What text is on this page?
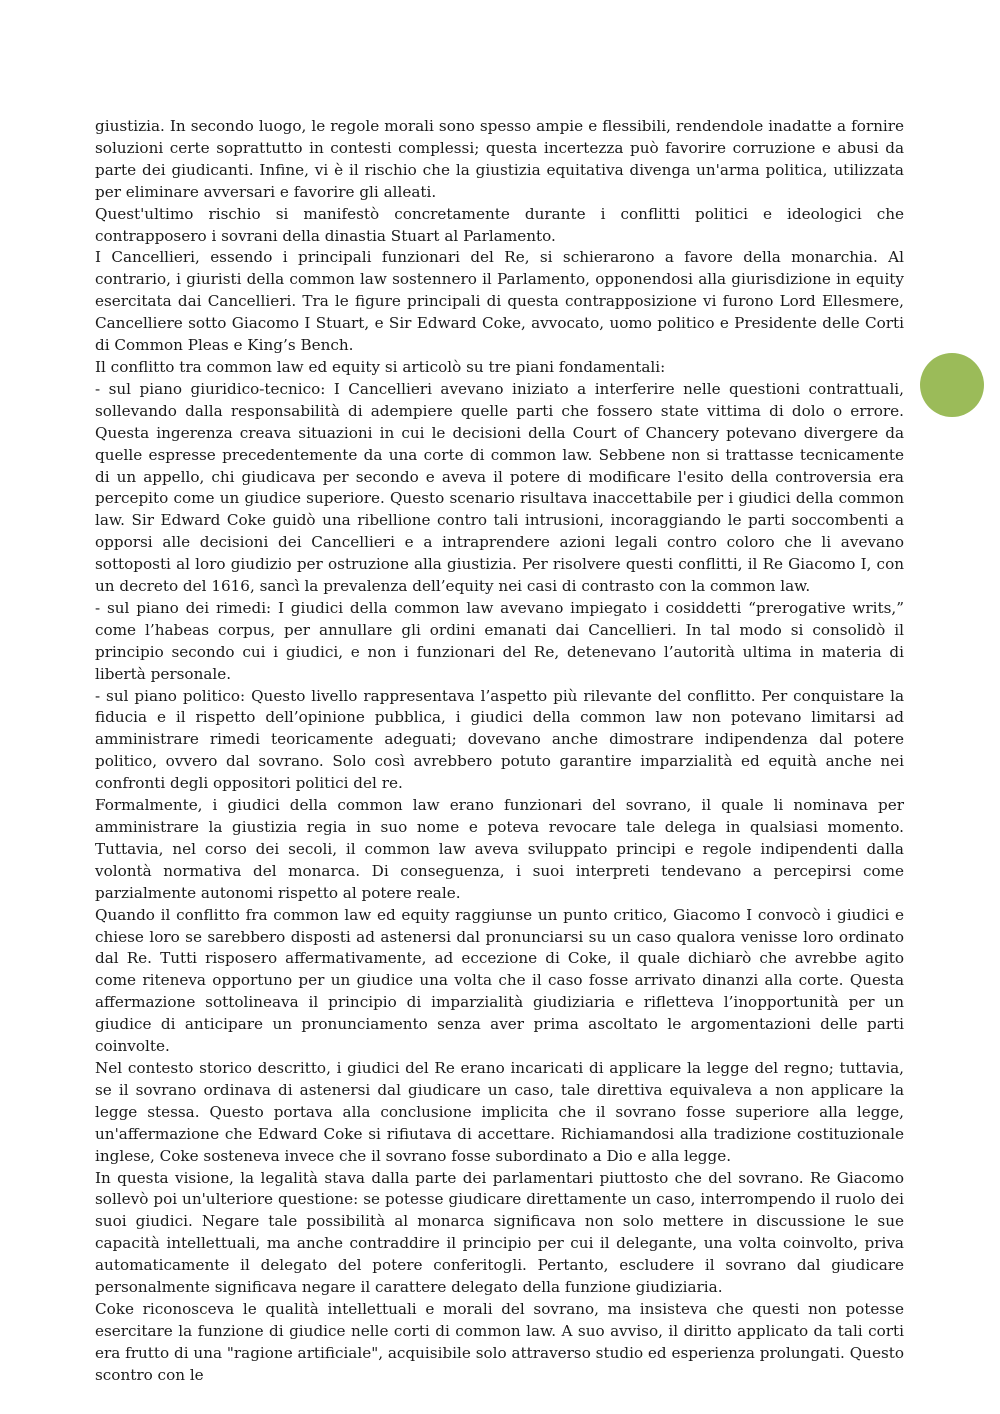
giustizia. In secondo luogo, le regole morali sono spesso ampie e flessibili, rendendole inadatte a fornire soluzioni certe soprattutto in contesti complessi; questa incertezza può favorire corruzione e abusi da parte dei giudicanti. Infine, vi è il rischio che la giustizia equitativa divenga un'arma politica, utilizzata per eliminare avversari e favorire gli alleati.

Quest'ultimo rischio si manifestò concretamente durante i conflitti politici e ideologici che contrapposero i sovrani della dinastia Stuart al Parlamento.

I Cancellieri, essendo i principali funzionari del Re, si schierarono a favore della monarchia. Al contrario, i giuristi della common law sostennero il Parlamento, opponendosi alla giurisdizione in equity esercitata dai Cancellieri. Tra le figure principali di questa contrapposizione vi furono Lord Ellesmere, Cancelliere sotto Giacomo I Stuart, e Sir Edward Coke, avvocato, uomo politico e Presidente delle Corti di Common Pleas e King’s Bench.

Il conflitto tra common law ed equity si articolò su tre piani fondamentali:

- sul piano giuridico-tecnico: I Cancellieri avevano iniziato a interferire nelle questioni contrattuali, sollevando dalla responsabilità di adempiere quelle parti che fossero state vittima di dolo o errore. Questa ingerenza creava situazioni in cui le decisioni della Court of Chancery potevano divergere da quelle espresse precedentemente da una corte di common law. Sebbene non si trattasse tecnicamente di un appello, chi giudicava per secondo e aveva il potere di modificare l'esito della controversia era percepito come un giudice superiore. Questo scenario risultava inaccettabile per i giudici della common law. Sir Edward Coke guidò una ribellione contro tali intrusioni, incoraggiando le parti soccombenti a opporsi alle decisioni dei Cancellieri e a intraprendere azioni legali contro coloro che li avevano sottoposti al loro giudizio per ostruzione alla giustizia. Per risolvere questi conflitti, il Re Giacomo I, con un decreto del 1616, sancì la prevalenza dell’equity nei casi di contrasto con la common law.

- sul piano dei rimedi: I giudici della common law avevano impiegato i cosiddetti “prerogative writs,” come l’habeas corpus, per annullare gli ordini emanati dai Cancellieri. In tal modo si consolidò il principio secondo cui i giudici, e non i funzionari del Re, detenevano l’autorità ultima in materia di libertà personale.

- sul piano politico: Questo livello rappresentava l’aspetto più rilevante del conflitto. Per conquistare la fiducia e il rispetto dell’opinione pubblica, i giudici della common law non potevano limitarsi ad amministrare rimedi teoricamente adeguati; dovevano anche dimostrare indipendenza dal potere politico, ovvero dal sovrano. Solo così avrebbero potuto garantire imparzialità ed equità anche nei confronti degli oppositori politici del re.

Formalmente, i giudici della common law erano funzionari del sovrano, il quale li nominava per amministrare la giustizia regia in suo nome e poteva revocare tale delega in qualsiasi momento. Tuttavia, nel corso dei secoli, il common law aveva sviluppato principi e regole indipendenti dalla volontà normativa del monarca. Di conseguenza, i suoi interpreti tendevano a percepirsi come parzialmente autonomi rispetto al potere reale.

Quando il conflitto fra common law ed equity raggiunse un punto critico, Giacomo I convocò i giudici e chiese loro se sarebbero disposti ad astenersi dal pronunciarsi su un caso qualora venisse loro ordinato dal Re. Tutti risposero affermativamente, ad eccezione di Coke, il quale dichiarò che avrebbe agito come riteneva opportuno per un giudice una volta che il caso fosse arrivato dinanzi alla corte. Questa affermazione sottolineava il principio di imparzialità giudiziaria e rifletteva l’inopportunità per un giudice di anticipare un pronunciamento senza aver prima ascoltato le argomentazioni delle parti coinvolte.

Nel contesto storico descritto, i giudici del Re erano incaricati di applicare la legge del regno; tuttavia, se il sovrano ordinava di astenersi dal giudicare un caso, tale direttiva equivaleva a non applicare la legge stessa. Questo portava alla conclusione implicita che il sovrano fosse superiore alla legge, un'affermazione che Edward Coke si rifiutava di accettare. Richiamandosi alla tradizione costituzionale inglese, Coke sosteneva invece che il sovrano fosse subordinato a Dio e alla legge.

In questa visione, la legalità stava dalla parte dei parlamentari piuttosto che del sovrano. Re Giacomo sollevò poi un'ulteriore questione: se potesse giudicare direttamente un caso, interrompendo il ruolo dei suoi giudici. Negare tale possibilità al monarca significava non solo mettere in discussione le sue capacità intellettuali, ma anche contraddire il principio per cui il delegante, una volta coinvolto, priva automaticamente il delegato del potere conferitogli. Pertanto, escludere il sovrano dal giudicare personalmente significava negare il carattere delegato della funzione giudiziaria.

Coke riconosceva le qualità intellettuali e morali del sovrano, ma insisteva che questi non potesse esercitare la funzione di giudice nelle corti di common law. A suo avviso, il diritto applicato da tali corti era frutto di una "ragione artificiale", acquisibile solo attraverso studio ed esperienza prolungati. Questo scontro con le
